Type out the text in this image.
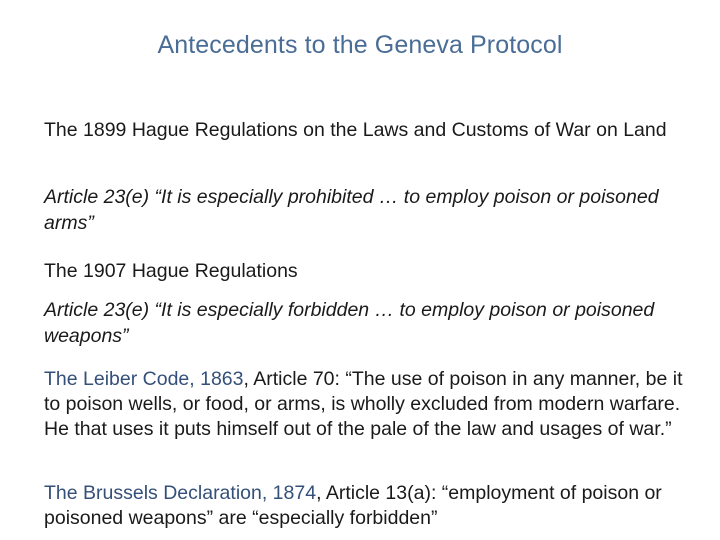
Antecedents to the Geneva Protocol
The 1899 Hague Regulations on the Laws and Customs of War on Land
Article 23(e) “It is especially prohibited … to employ poison or poisoned arms”
The 1907 Hague Regulations
Article 23(e) “It is especially forbidden … to employ poison or poisoned weapons”
The Leiber Code, 1863, Article 70: “The use of poison in any manner, be it to poison wells, or food, or arms, is wholly excluded from modern warfare. He that uses it puts himself out of the pale of the law and usages of war.”
The Brussels Declaration, 1874, Article 13(a): “employment of poison or poisoned weapons” are “especially forbidden”
